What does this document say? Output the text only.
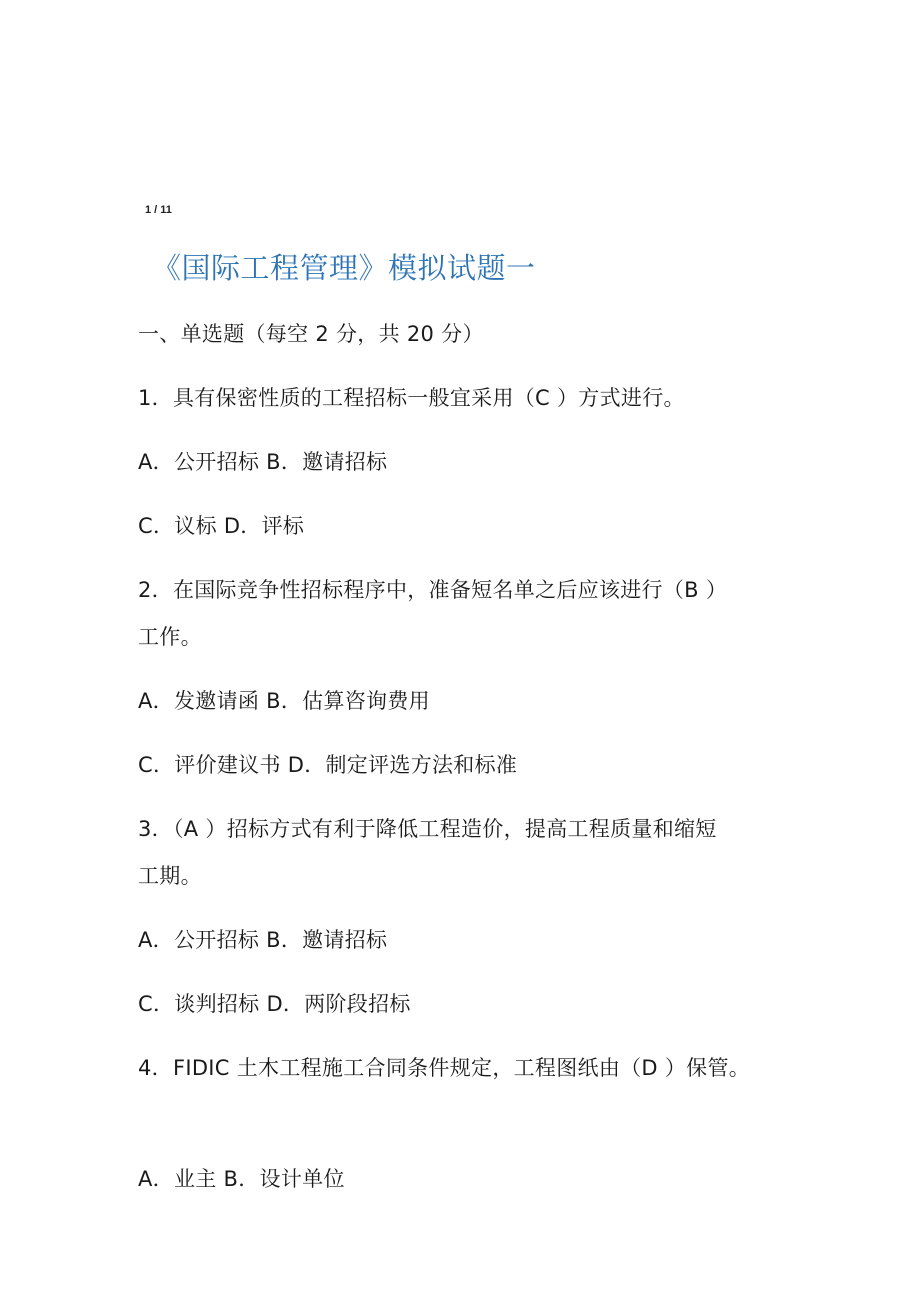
1 / 11
《国际工程管理》模拟试题一
一、单选题（每空 2 分，共 20 分）
1．具有保密性质的工程招标一般宜采用（C ）方式进行。
A．公开招标 B．邀请招标
C．议标 D．评标
2．在国际竞争性招标程序中，准备短名单之后应该进行（B ）
工作。
A．发邀请函 B．估算咨询费用
C．评价建议书 D．制定评选方法和标准
3．（A ）招标方式有利于降低工程造价，提高工程质量和缩短
工期。
A．公开招标 B．邀请招标
C．谈判招标 D．两阶段招标
4．FIDIC 土木工程施工合同条件规定，工程图纸由（D ）保管。
A．业主 B．设计单位
